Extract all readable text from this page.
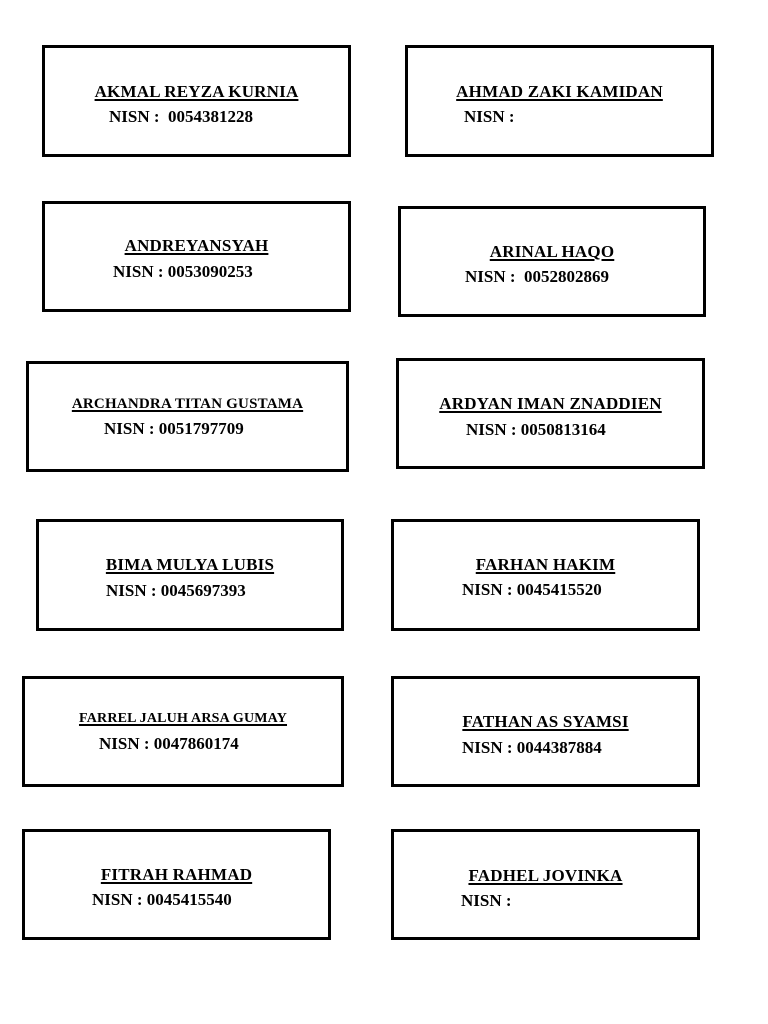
AKMAL REYZA KURNIA
NISN :  0054381228
AHMAD ZAKI KAMIDAN
NISN :
ANDREYANSYAH
NISN : 0053090253
ARINAL HAQO
NISN :  0052802869
ARCHANDRA TITAN GUSTAMA
NISN : 0051797709
ARDYAN IMAN ZNADDIEN
NISN : 0050813164
BIMA MULYA LUBIS
NISN : 0045697393
FARHAN HAKIM
NISN : 0045415520
FARREL JALUH ARSA GUMAY
NISN : 0047860174
FATHAN AS SYAMSI
NISN : 0044387884
FITRAH RAHMAD
NISN : 0045415540
FADHEL JOVINKA
NISN :
